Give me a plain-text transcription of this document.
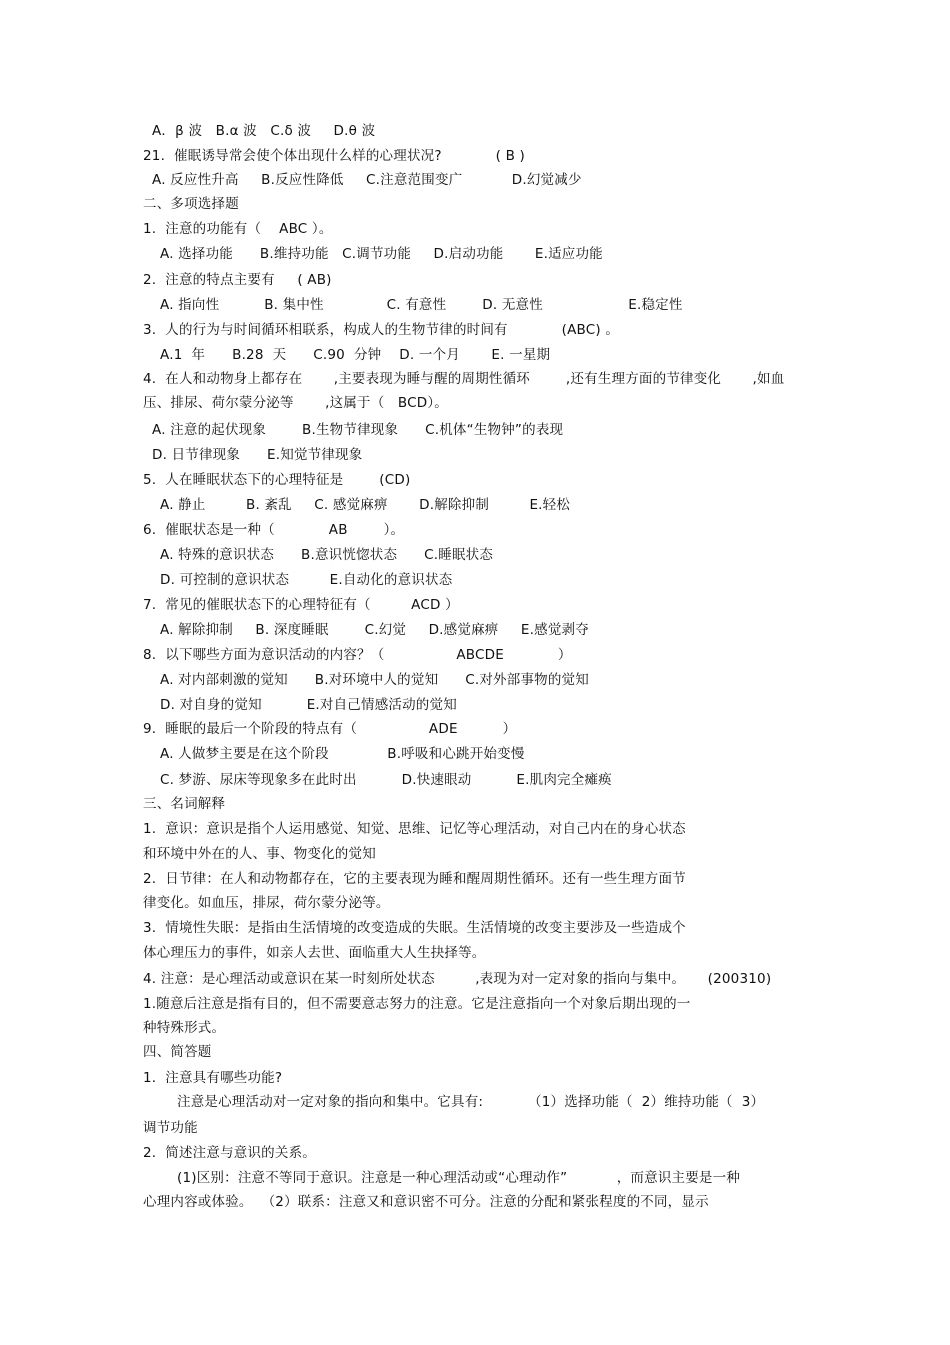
A．β 波   B.α 波   C.δ 波     D.θ 波
21.  催眠诱导常会使个体出现什么样的心理状况?            ( B )
A. 反应性升高     B.反应性降低     C.注意范围变广           D.幻觉减少
二、多项选择题
1.  注意的功能有（    ABC ）。
A. 选择功能      B.维持功能   C.调节功能     D.启动功能       E.适应功能
2.  注意的特点主要有     ( AB)
A. 指向性          B. 集中性              C. 有意性        D. 无意性                   E.稳定性
3.  人的行为与时间循环相联系，构成人的生物节律的时间有            (ABC) 。
A.1  年      B.28  天      C.90  分钟    D. 一个月       E. 一星期
4.  在人和动物身上都存在       ,主要表现为睡与醒的周期性循环        ,还有生理方面的节律变化       ,如血
压、排尿、荷尔蒙分泌等       ,这属于（   BCD）。
A. 注意的起伏现象        B.生物节律现象      C.机体“生物钟”的表现
D. 日节律现象      E.知觉节律现象
5.  人在睡眠状态下的心理特征是        (CD)
A. 静止         B. 紊乱     C. 感觉麻痹       D.解除抑制         E.轻松
6.  催眠状态是一种（            AB        ）。
A. 特殊的意识状态      B.意识恍惚状态      C.睡眠状态
D. 可控制的意识状态         E.自动化的意识状态
7.  常见的催眠状态下的心理特征有（         ACD ）
A. 解除抑制     B. 深度睡眠        C.幻觉     D.感觉麻痹     E.感觉剥夺
8.  以下哪些方面为意识活动的内容？（                ABCDE            ）
A. 对内部刺激的觉知      B.对环境中人的觉知      C.对外部事物的觉知
D. 对自身的觉知          E.对自己情感活动的觉知
9.  睡眠的最后一个阶段的特点有（                ADE          ）
A. 人做梦主要是在这个阶段             B.呼吸和心跳开始变慢
C. 梦游、尿床等现象多在此时出          D.快速眼动          E.肌肉完全瘫痪
三、名词解释
1.  意识：意识是指个人运用感觉、知觉、思维、记忆等心理活动，对自己内在的身心状态
和环境中外在的人、事、物变化的觉知
2.  日节律：在人和动物都存在，它的主要表现为睡和醒周期性循环。还有一些生理方面节
律变化。如血压，排尿，荷尔蒙分泌等。
3.  情境性失眠：是指由生活情境的改变造成的失眠。生活情境的改变主要涉及一些造成个
体心理压力的事件，如亲人去世、面临重大人生抉择等。
4. 注意：是心理活动或意识在某一时刻所处状态         ,表现为对一定对象的指向与集中。     (200310)
1.随意后注意是指有目的，但不需要意志努力的注意。它是注意指向一个对象后期出现的一
种特殊形式。
四、简答题
1.  注意具有哪些功能?
注意是心理活动对一定对象的指向和集中。它具有:          （1）选择功能（  2）维持功能（  3）
调节功能
2.  简述注意与意识的关系。
(1)区别：注意不等同于意识。注意是一种心理活动或“心理动作”           ，而意识主要是一种
心理内容或体验。  （2）联系：注意又和意识密不可分。注意的分配和紧张程度的不同，显示
